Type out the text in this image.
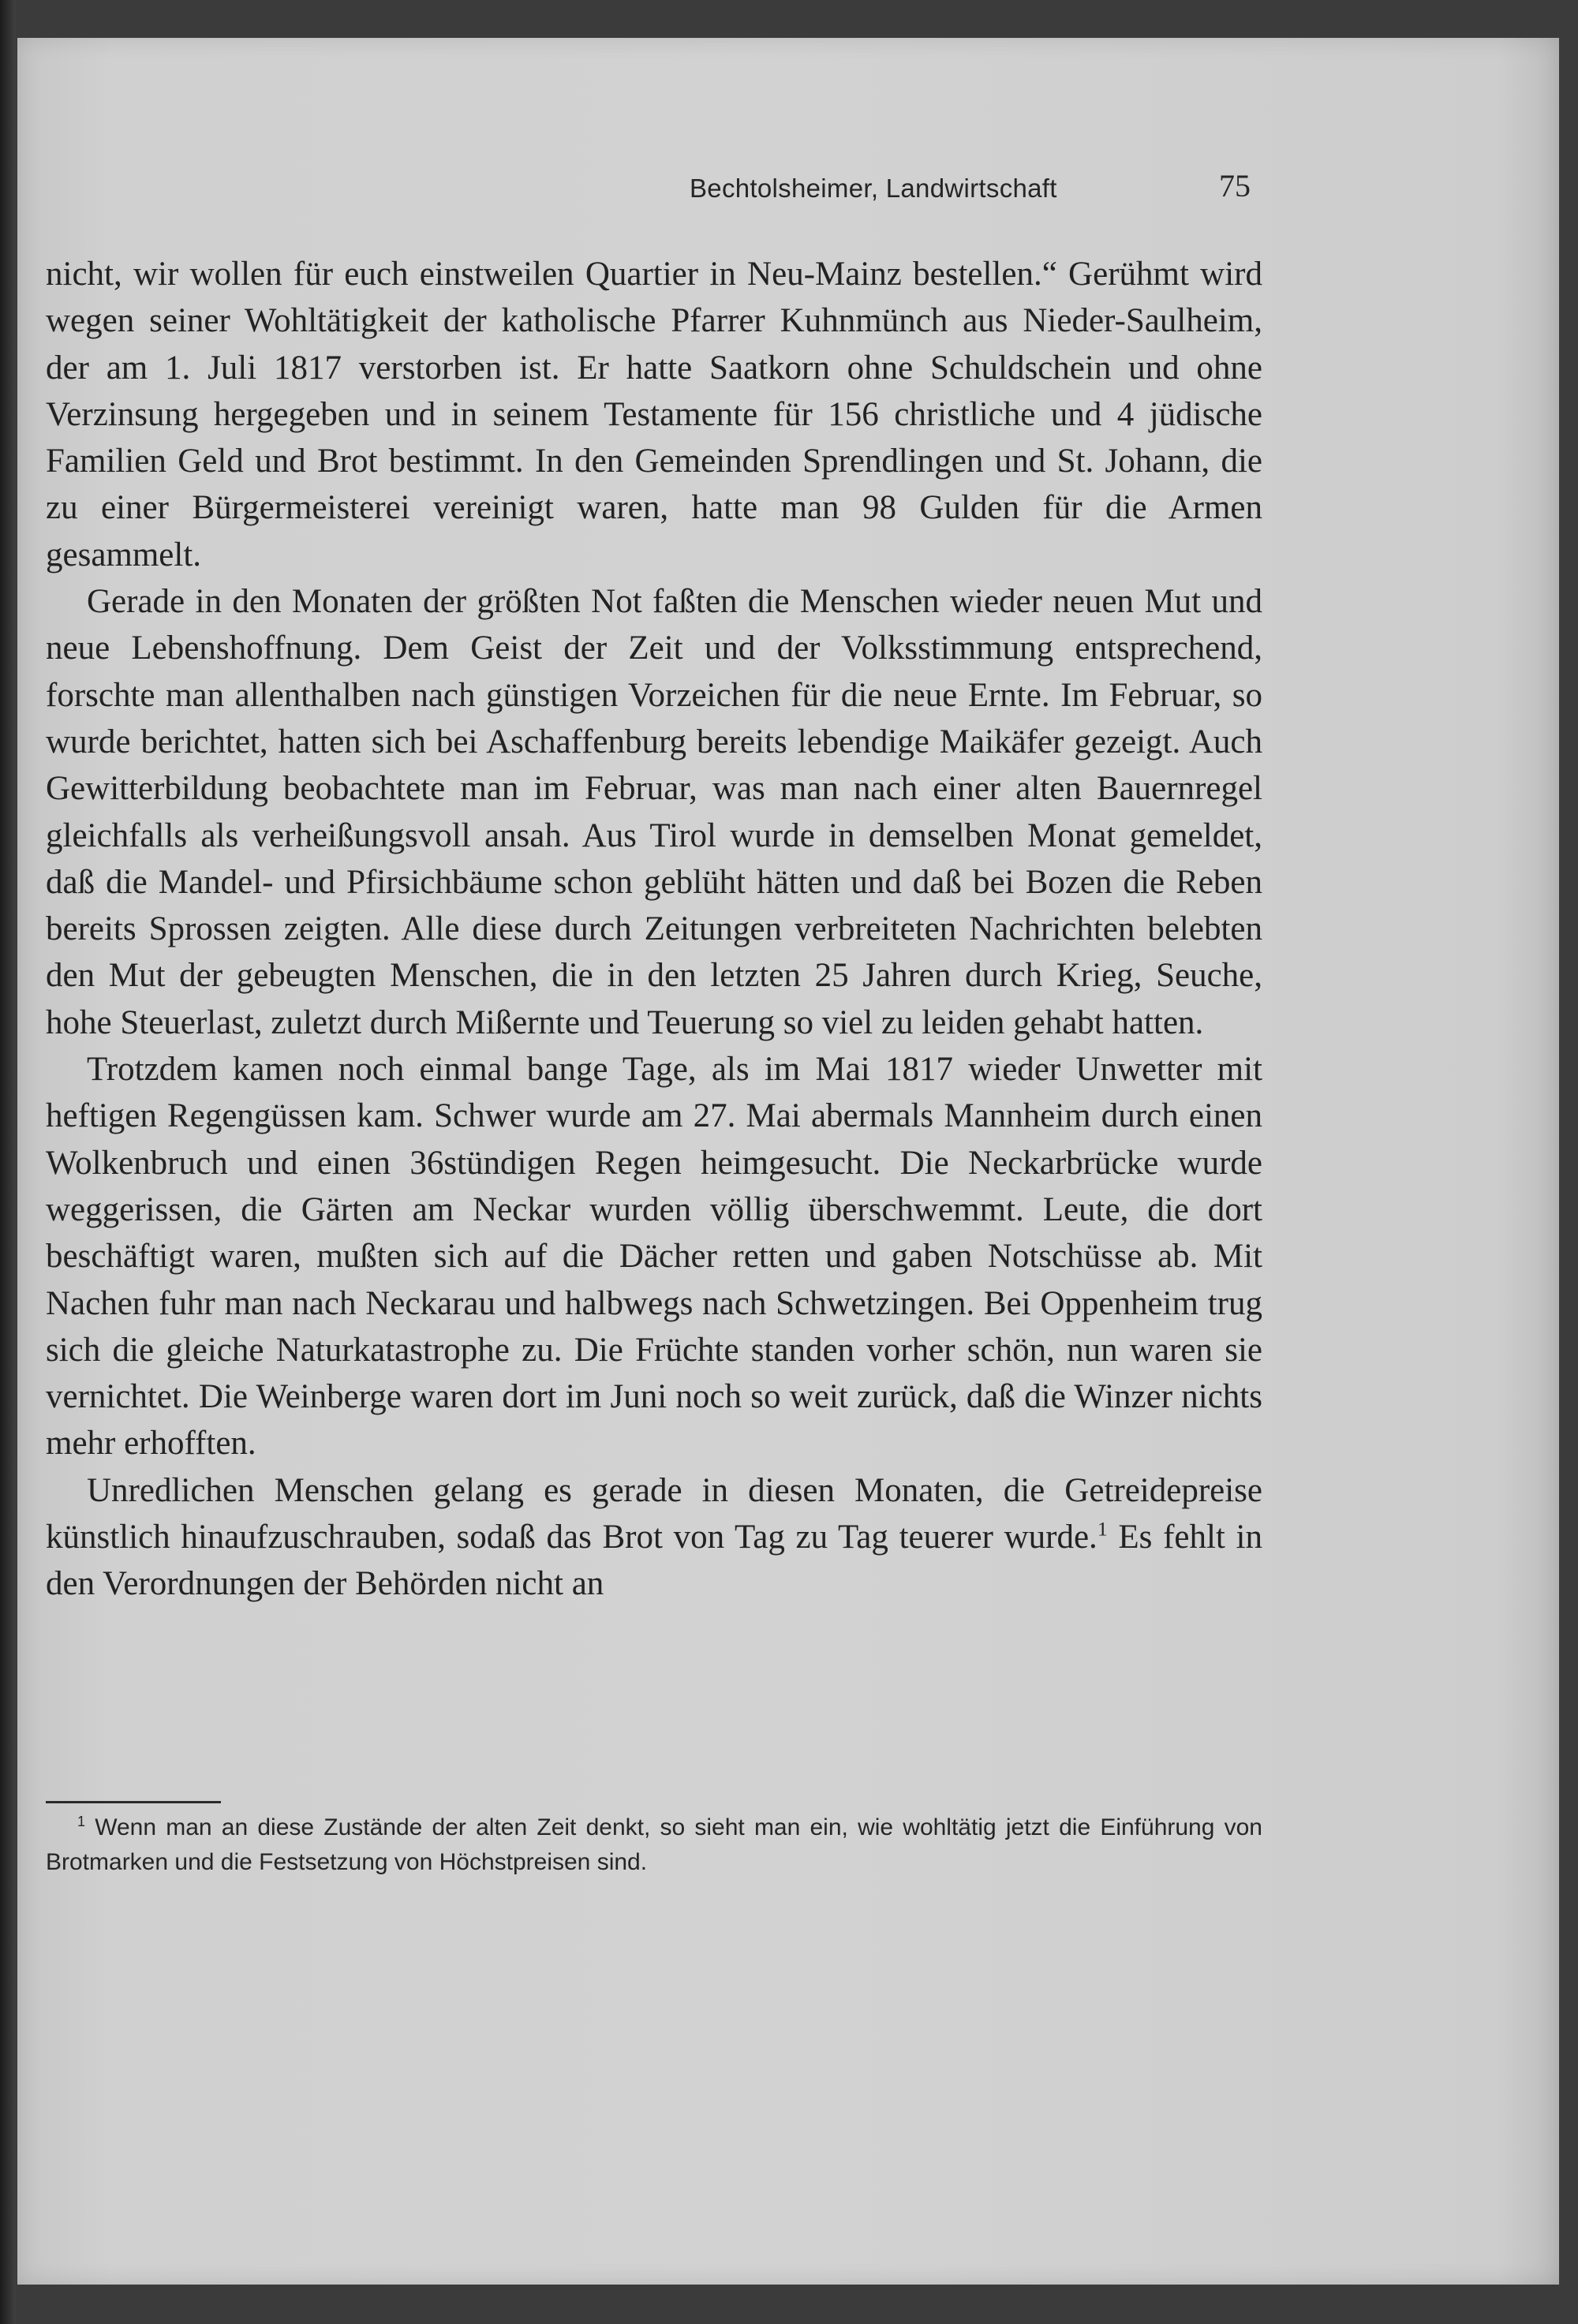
Bechtolsheimer, Landwirtschaft	75

nicht, wir wollen für euch einstweilen Quartier in Neu-Mainz bestellen.“ Gerühmt wird wegen seiner Wohltätigkeit der katholische Pfarrer Kuhnmünch aus Nieder-Saulheim, der am 1. Juli 1817 verstorben ist. Er hatte Saatkorn ohne Schuldschein und ohne Verzinsung hergegeben und in seinem Testamente für 156 christliche und 4 jüdische Familien Geld und Brot bestimmt. In den Gemeinden Sprendlingen und St. Johann, die zu einer Bürgermeisterei vereinigt waren, hatte man 98 Gulden für die Armen gesammelt.

Gerade in den Monaten der größten Not faßten die Menschen wieder neuen Mut und neue Lebenshoffnung. Dem Geist der Zeit und der Volksstimmung entsprechend, forschte man allenthalben nach günstigen Vorzeichen für die neue Ernte. Im Februar, so wurde berichtet, hatten sich bei Aschaffenburg bereits lebendige Maikäfer gezeigt. Auch Gewitterbildung beobachtete man im Februar, was man nach einer alten Bauernregel gleichfalls als verheißungsvoll ansah. Aus Tirol wurde in demselben Monat gemeldet, daß die Mandel- und Pfirsichbäume schon geblüht hätten und daß bei Bozen die Reben bereits Sprossen zeigten. Alle diese durch Zeitungen verbreiteten Nachrichten belebten den Mut der gebeugten Menschen, die in den letzten 25 Jahren durch Krieg, Seuche, hohe Steuerlast, zuletzt durch Mißernte und Teuerung so viel zu leiden gehabt hatten.

Trotzdem kamen noch einmal bange Tage, als im Mai 1817 wieder Unwetter mit heftigen Regengüssen kam. Schwer wurde am 27. Mai abermals Mannheim durch einen Wolkenbruch und einen 36stündigen Regen heimgesucht. Die Neckarbrücke wurde weggerissen, die Gärten am Neckar wurden völlig überschwemmt. Leute, die dort beschäftigt waren, mußten sich auf die Dächer retten und gaben Notschüsse ab. Mit Nachen fuhr man nach Neckarau und halbwegs nach Schwetzingen. Bei Oppenheim trug sich die gleiche Naturkatastrophe zu. Die Früchte standen vorher schön, nun waren sie vernichtet. Die Weinberge waren dort im Juni noch so weit zurück, daß die Winzer nichts mehr erhofften.

Unredlichen Menschen gelang es gerade in diesen Monaten, die Getreidepreise künstlich hinaufzuschrauben, sodaß das Brot von Tag zu Tag teuerer wurde.$^1$ Es fehlt in den Verordnungen der Behörden nicht an

$^1$ Wenn man an diese Zustände der alten Zeit denkt, so sieht man ein, wie wohltätig jetzt die Einführung von Brotmarken und die Festsetzung von Höchstpreisen sind.
